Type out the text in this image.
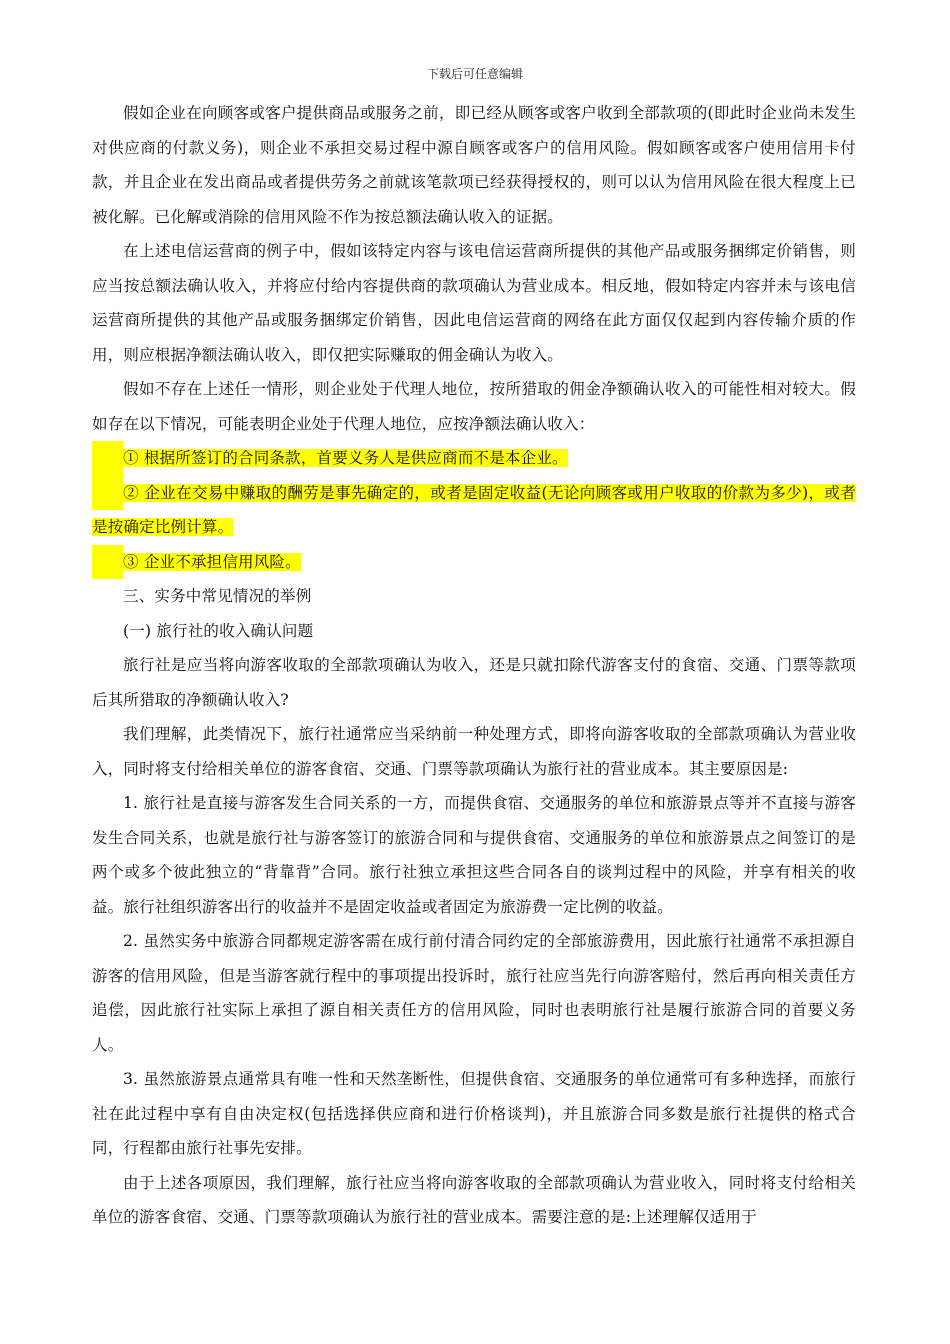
下载后可任意编辑

假如企业在向顾客或客户提供商品或服务之前，即已经从顾客或客户收到全部款项的(即此时企业尚未发生对供应商的付款义务)，则企业不承担交易过程中源自顾客或客户的信用风险。假如顾客或客户使用信用卡付款，并且企业在发出商品或者提供劳务之前就该笔款项已经获得授权的，则可以认为信用风险在很大程度上已被化解。已化解或消除的信用风险不作为按总额法确认收入的证据。

在上述电信运营商的例子中，假如该特定内容与该电信运营商所提供的其他产品或服务捆绑定价销售，则应当按总额法确认收入，并将应付给内容提供商的款项确认为营业成本。相反地，假如特定内容并未与该电信运营商所提供的其他产品或服务捆绑定价销售，因此电信运营商的网络在此方面仅仅起到内容传输介质的作用，则应根据净额法确认收入，即仅把实际赚取的佣金确认为收入。

假如不存在上述任一情形，则企业处于代理人地位，按所猎取的佣金净额确认收入的可能性相对较大。假如存在以下情况，可能表明企业处于代理人地位，应按净额法确认收入：

① 根据所签订的合同条款，首要义务人是供应商而不是本企业。

② 企业在交易中赚取的酬劳是事先确定的，或者是固定收益(无论向顾客或用户收取的价款为多少)，或者是按确定比例计算。

③ 企业不承担信用风险。

三、实务中常见情况的举例

(一) 旅行社的收入确认问题

旅行社是应当将向游客收取的全部款项确认为收入，还是只就扣除代游客支付的食宿、交通、门票等款项后其所猎取的净额确认收入?

我们理解，此类情况下，旅行社通常应当采纳前一种处理方式，即将向游客收取的全部款项确认为营业收入，同时将支付给相关单位的游客食宿、交通、门票等款项确认为旅行社的营业成本。其主要原因是:

1. 旅行社是直接与游客发生合同关系的一方，而提供食宿、交通服务的单位和旅游景点等并不直接与游客发生合同关系，也就是旅行社与游客签订的旅游合同和与提供食宿、交通服务的单位和旅游景点之间签订的是两个或多个彼此独立的“背靠背”合同。旅行社独立承担这些合同各自的谈判过程中的风险，并享有相关的收益。旅行社组织游客出行的收益并不是固定收益或者固定为旅游费一定比例的收益。

2. 虽然实务中旅游合同都规定游客需在成行前付清合同约定的全部旅游费用，因此旅行社通常不承担源自游客的信用风险，但是当游客就行程中的事项提出投诉时，旅行社应当先行向游客赔付，然后再向相关责任方追偿，因此旅行社实际上承担了源自相关责任方的信用风险，同时也表明旅行社是履行旅游合同的首要义务人。

3. 虽然旅游景点通常具有唯一性和天然垄断性，但提供食宿、交通服务的单位通常可有多种选择，而旅行社在此过程中享有自由决定权(包括选择供应商和进行价格谈判)，并且旅游合同多数是旅行社提供的格式合同，行程都由旅行社事先安排。

由于上述各项原因，我们理解，旅行社应当将向游客收取的全部款项确认为营业收入，同时将支付给相关单位的游客食宿、交通、门票等款项确认为旅行社的营业成本。需要注意的是:上述理解仅适用于
